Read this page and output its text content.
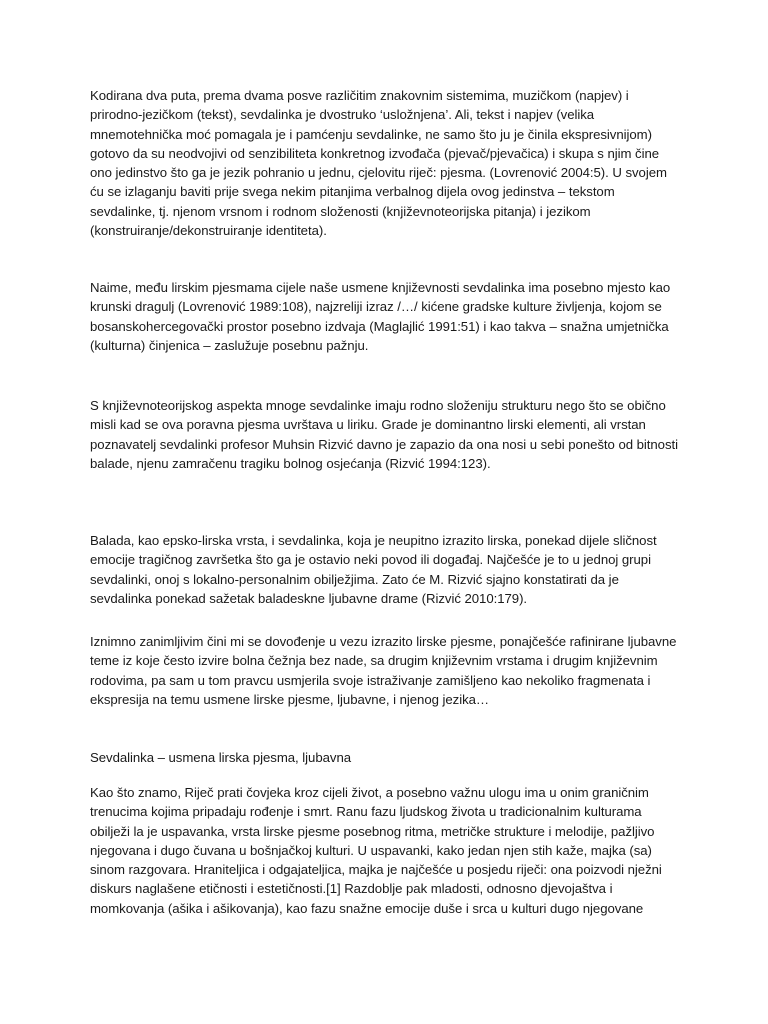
Kodirana dva puta, prema dvama posve različitim znakovnim sistemima, muzičkom (napjev) i
prirodno-jezičkom (tekst), sevdalinka je dvostruko ‘usložnjena’. Ali, tekst i napjev (velika
mnemotehnička moć pomagala je i pamćenju sevdalinke, ne samo što ju je činila ekspresivnijom)
gotovo da su neodvojivi od senzibiliteta konkretnog izvođača (pjevač/pjevačica) i skupa s njim čine
ono jedinstvo što ga je jezik pohranio u jednu, cjelovitu riječ: pjesma. (Lovrenović 2004:5). U svojem
ću se izlaganju baviti prije svega nekim pitanjima verbalnog dijela ovog jedinstva – tekstom
sevdalinke, tj. njenom vrsnom i rodnom složenosti (književnoteorijska pitanja) i jezikom
(konstruiranje/dekonstruiranje identiteta).

Naime, među lirskim pjesmama cijele naše usmene književnosti sevdalinka ima posebno mjesto kao
krunski dragulj (Lovrenović 1989:108), najzreliji izraz /…/ kićene gradske kulture življenja, kojom se
bosanskohercegovački prostor posebno izdvaja (Maglajlić 1991:51) i kao takva – snažna umjetnička
(kulturna) činjenica – zaslužuje posebnu pažnju.

S književnoteorijskog aspekta mnoge sevdalinke imaju rodno složeniju strukturu nego što se obično
misli kad se ova poravna pjesma uvrštava u liriku. Grade je dominantno lirski elementi, ali vrstan
poznavatelj sevdalinki profesor Muhsin Rizvić davno je zapazio da ona nosi u sebi ponešto od bitnosti
balade, njenu zamračenu tragiku bolnog osjećanja (Rizvić 1994:123).

Balada, kao epsko-lirska vrsta, i sevdalinka, koja je neupitno izrazito lirska, ponekad dijele sličnost
emocije tragičnog završetka što ga je ostavio neki povod ili događaj. Najčešće je to u jednoj grupi
sevdalinki, onoj s lokalno-personalnim obilježjima. Zato će M. Rizvić sjajno konstatirati da je
sevdalinka ponekad sažetak baladeskne ljubavne drame (Rizvić 2010:179).

Iznimno zanimljivim čini mi se dovođenje u vezu izrazito lirske pjesme, ponajčešće rafinirane ljubavne
teme iz koje često izvire bolna čežnja bez nade, sa drugim književnim vrstama i drugim književnim
rodovima, pa sam u tom pravcu usmjerila svoje istraživanje zamišljeno kao nekoliko fragmenata i
ekspresija na temu usmene lirske pjesme, ljubavne, i njenog jezika…

Sevdalinka – usmena lirska pjesma, ljubavna

Kao što znamo, Riječ prati čovjeka kroz cijeli život, a posebno važnu ulogu ima u onim graničnim
trenucima kojima pripadaju rođenje i smrt. Ranu fazu ljudskog života u tradicionalnim kulturama
obilježi la je uspavanka, vrsta lirske pjesme posebnog ritma, metričke strukture i melodije, pažljivo
njegovana i dugo čuvana u bošnjačkoj kulturi. U uspavanki, kako jedan njen stih kaže, majka (sa)
sinom razgovara. Hraniteljica i odgajateljica, majka je najčešće u posjedu riječi: ona poizvodi nježni
diskurs naglašene etičnosti i estetičnosti.[1] Razdoblje pak mladosti, odnosno djevojaštva i
momkovanja (ašika i ašikovanja), kao fazu snažne emocije duše i srca u kulturi dugo njegovane
